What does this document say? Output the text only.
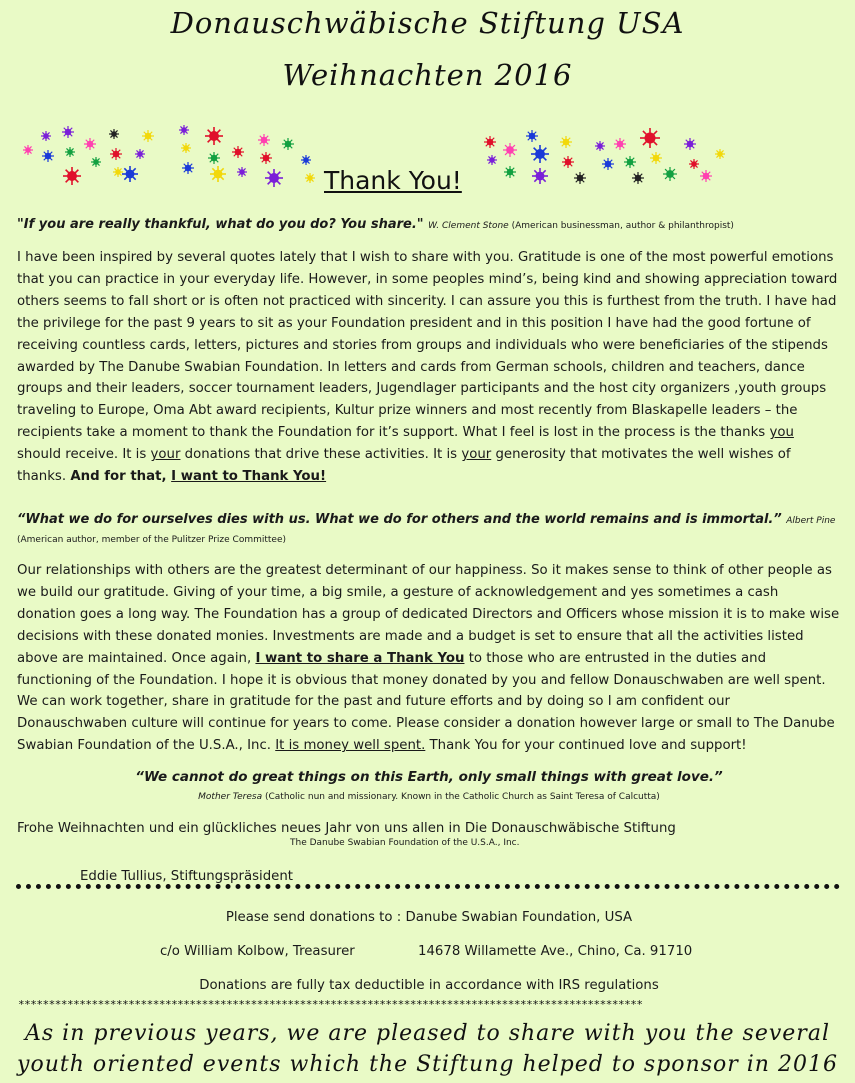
Donauschwäbische Stiftung USA
Weihnachten 2016
Thank You!
"If you are really thankful, what do you do? You share." W. Clement Stone (American businessman, author & philanthropist)
I have been inspired by several quotes lately that I wish to share with you. Gratitude is one of the most powerful emotions that you can practice in your everyday life. However, in some peoples mind’s, being kind and showing appreciation toward others seems to fall short or is often not practiced with sincerity. I can assure you this is furthest from the truth. I have had the privilege for the past 9 years to sit as your Foundation president and in this position I have had the good fortune of receiving countless cards, letters, pictures and stories from groups and individuals who were beneficiaries of the stipends awarded by The Danube Swabian Foundation. In letters and cards from German schools, children and teachers, dance groups and their leaders, soccer tournament leaders, Jugendlager participants and the host city organizers ,youth groups traveling to Europe, Oma Abt award recipients, Kultur prize winners and most recently from Blaskapelle leaders – the recipients take a moment to thank the Foundation for it’s support. What I feel is lost in the process is the thanks you should receive. It is your donations that drive these activities. It is your generosity that motivates the well wishes of thanks. And for that, I want to Thank You!
“What we do for ourselves dies with us. What we do for others and the world remains and is immortal.” Albert Pine
(American author, member of the Pulitzer Prize Committee)
Our relationships with others are the greatest determinant of our happiness. So it makes sense to think of other people as we build our gratitude. Giving of your time, a big smile, a gesture of acknowledgement and yes sometimes a cash donation goes a long way. The Foundation has a group of dedicated Directors and Officers whose mission it is to make wise decisions with these donated monies. Investments are made and a budget is set to ensure that all the activities listed above are maintained. Once again, I want to share a Thank You to those who are entrusted in the duties and functioning of the Foundation. I hope it is obvious that money donated by you and fellow Donauschwaben are well spent. We can work together, share in gratitude for the past and future efforts and by doing so I am confident our Donauschwaben culture will continue for years to come. Please consider a donation however large or small to The Danube Swabian Foundation of the U.S.A., Inc. It is money well spent. Thank You for your continued love and support!
“We cannot do great things on this Earth, only small things with great love.”
Mother Teresa (Catholic nun and missionary. Known in the Catholic Church as Saint Teresa of Calcutta)
Frohe Weihnachten und ein glückliches neues Jahr von uns allen in Die Donauschwäbische Stiftung
The Danube Swabian Foundation of the U.S.A., Inc.
Eddie Tullius, Stiftungspräsident
Please send donations to : Danube Swabian Foundation, USA
c/o William Kolbow, Treasurer	14678 Willamette Ave., Chino, Ca. 91710
Donations are fully tax deductible in accordance with IRS regulations
******************************************************************************************************
As in previous years, we are pleased to share with you the several
youth oriented events which the Stiftung helped to sponsor in 2016
